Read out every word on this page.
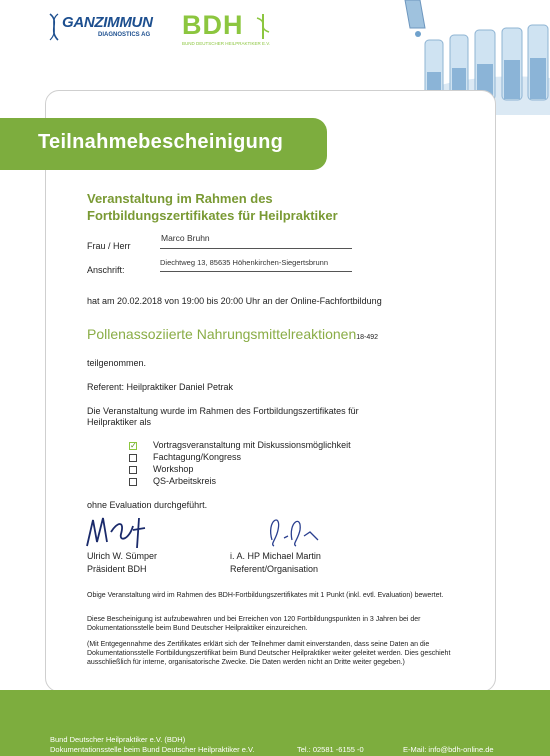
GANZIMMUN
DIAGNOSTICS AG BDH
BUND DEUTSCHER HEILPRAKTIKER E.V.
Teilnahmebescheinigung
Veranstaltung im Rahmen des
Fortbildungszertifikates für Heilpraktiker
Frau / Herr
Marco Bruhn
Anschrift:
Diechtweg 13, 85635 Höhenkirchen-Siegertsbrunn
hat am 20.02.2018 von 19:00 bis 20:00 Uhr an der Online-Fachfortbildung
Pollenassoziierte Nahrungsmittelreaktionen18-492
teilgenommen.
Referent: Heilpraktiker Daniel Petrak
Die Veranstaltung wurde im Rahmen des Fortbildungszertifikates für
Heilpraktiker als
✓ Vortragsveranstaltung mit Diskussionsmöglichkeit
Fachtagung/Kongress
Workshop
QS-Arbeitskreis
ohne Evaluation durchgeführt.
Ulrich W. Sümper
Präsident BDH
i. A. HP Michael Martin
Referent/Organisation
Obige Veranstaltung wird im Rahmen des BDH-Fortbildungszertifikates mit 1 Punkt (inkl. evtl. Evaluation) bewertet.
Diese Bescheinigung ist aufzubewahren und bei Erreichen von 120 Fortbildungspunkten in 3 Jahren bei der Dokumentationsstelle beim Bund Deutscher Heilpraktiker einzureichen.
(Mit Entgegennahme des Zertifikates erklärt sich der Teilnehmer damit einverstanden, dass seine Daten an die Dokumentationsstelle Fortbildungszertifikat beim Bund Deutscher Heilpraktiker weiter geleitet werden. Dies geschieht ausschließlich für interne, organisatorische Zwecke. Die Daten werden nicht an Dritte weiter gegeben.)
Bund Deutscher Heilpraktiker e.V. (BDH)
Dokumentationsstelle beim Bund Deutscher Heilpraktiker e.V.	Tel.: 02581 -6155 -0	E-Mail: info@bdh-online.de
